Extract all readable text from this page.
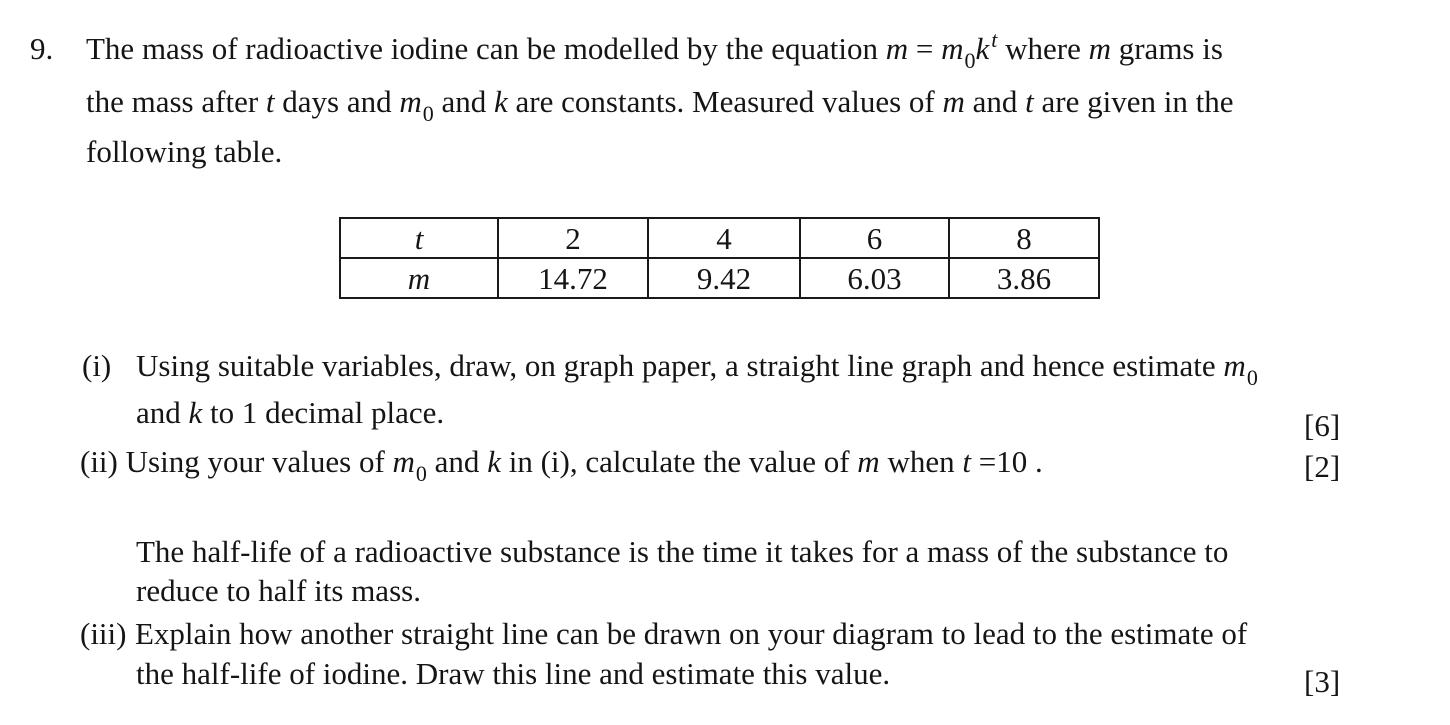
9. The mass of radioactive iodine can be modelled by the equation $m = m_0k^t$ where m grams is
the mass after t days and $m_0$ and k are constants. Measured values of m and t are given in the
following table.
t	2	4	6	8
m	14.72	9.42	6.03	3.86
(i) Using suitable variables, draw, on graph paper, a straight line graph and hence estimate $m_0$
and k to 1 decimal place.	[6]
(ii) Using your values of $m_0$ and k in (i), calculate the value of m when t =10 .	[2]
The half-life of a radioactive substance is the time it takes for a mass of the substance to
reduce to half its mass.
(iii) Explain how another straight line can be drawn on your diagram to lead to the estimate of
the half-life of iodine. Draw this line and estimate this value.	[3]
